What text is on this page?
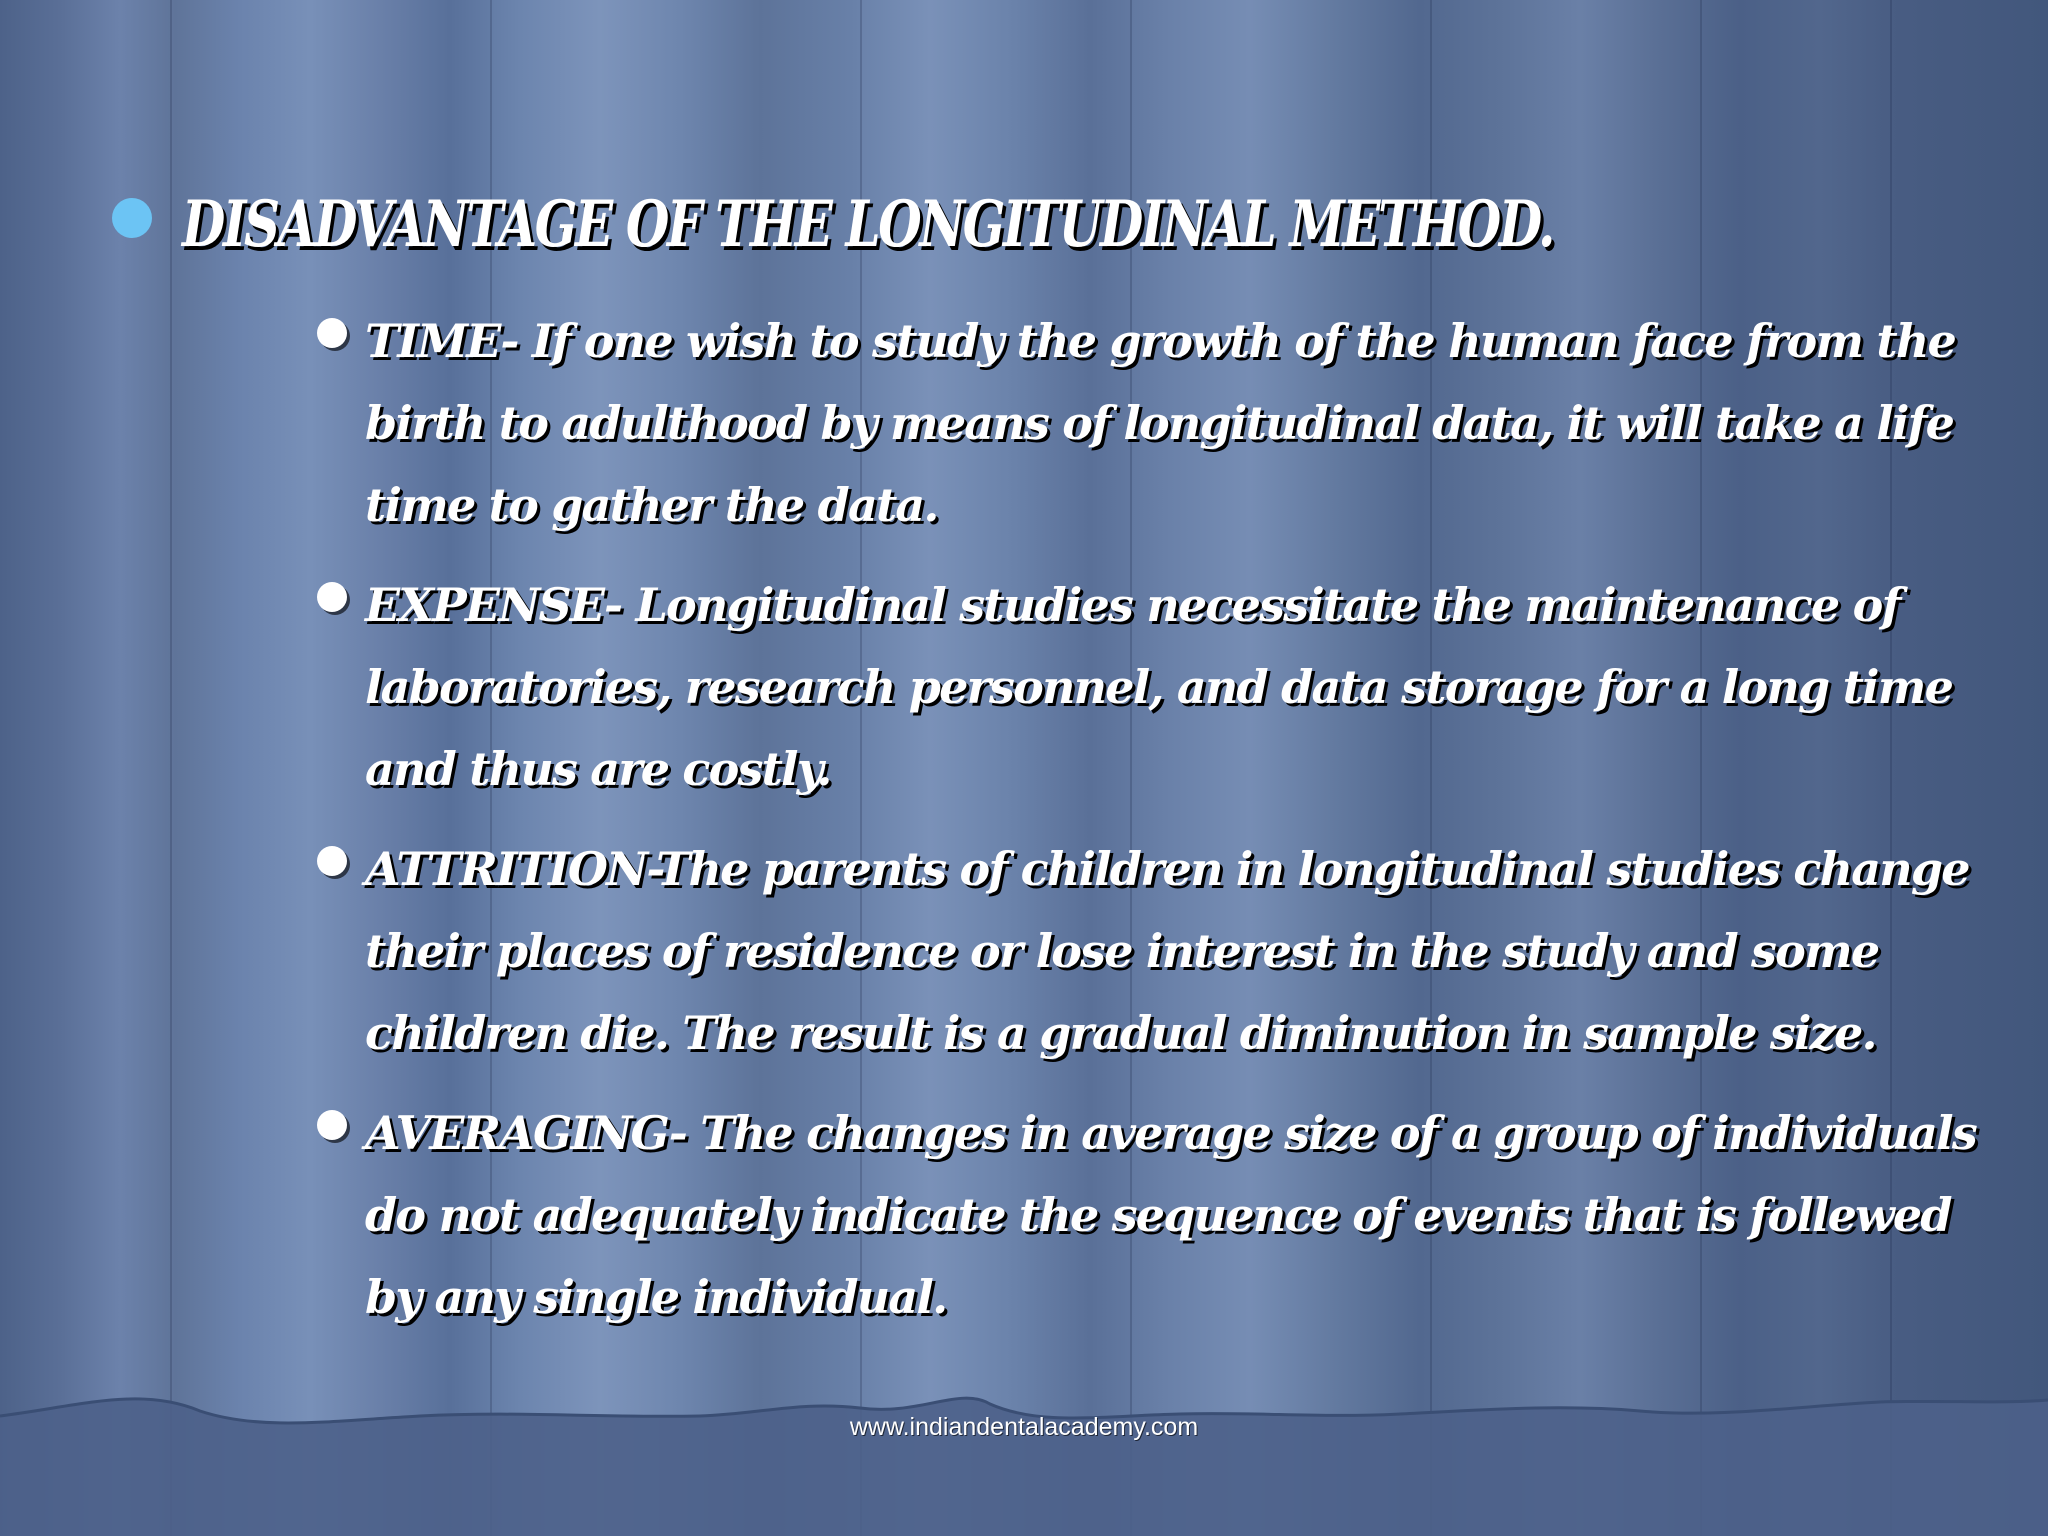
DISADVANTAGE OF THE LONGITUDINAL METHOD.
TIME- If one wish to study the growth of the human face from the birth to adulthood by means of longitudinal data, it will take a life time to gather the data.
EXPENSE- Longitudinal studies necessitate the maintenance of laboratories, research personnel, and data storage for a long time and thus are costly.
ATTRITION-The parents of children in longitudinal studies change their places of residence or lose interest in the study and some children die. The result is a gradual diminution in sample size.
AVERAGING- The changes in average size of a group of individuals do not adequately indicate the sequence of events that is follewed by any single individual.
www.indiandentalacademy.com
